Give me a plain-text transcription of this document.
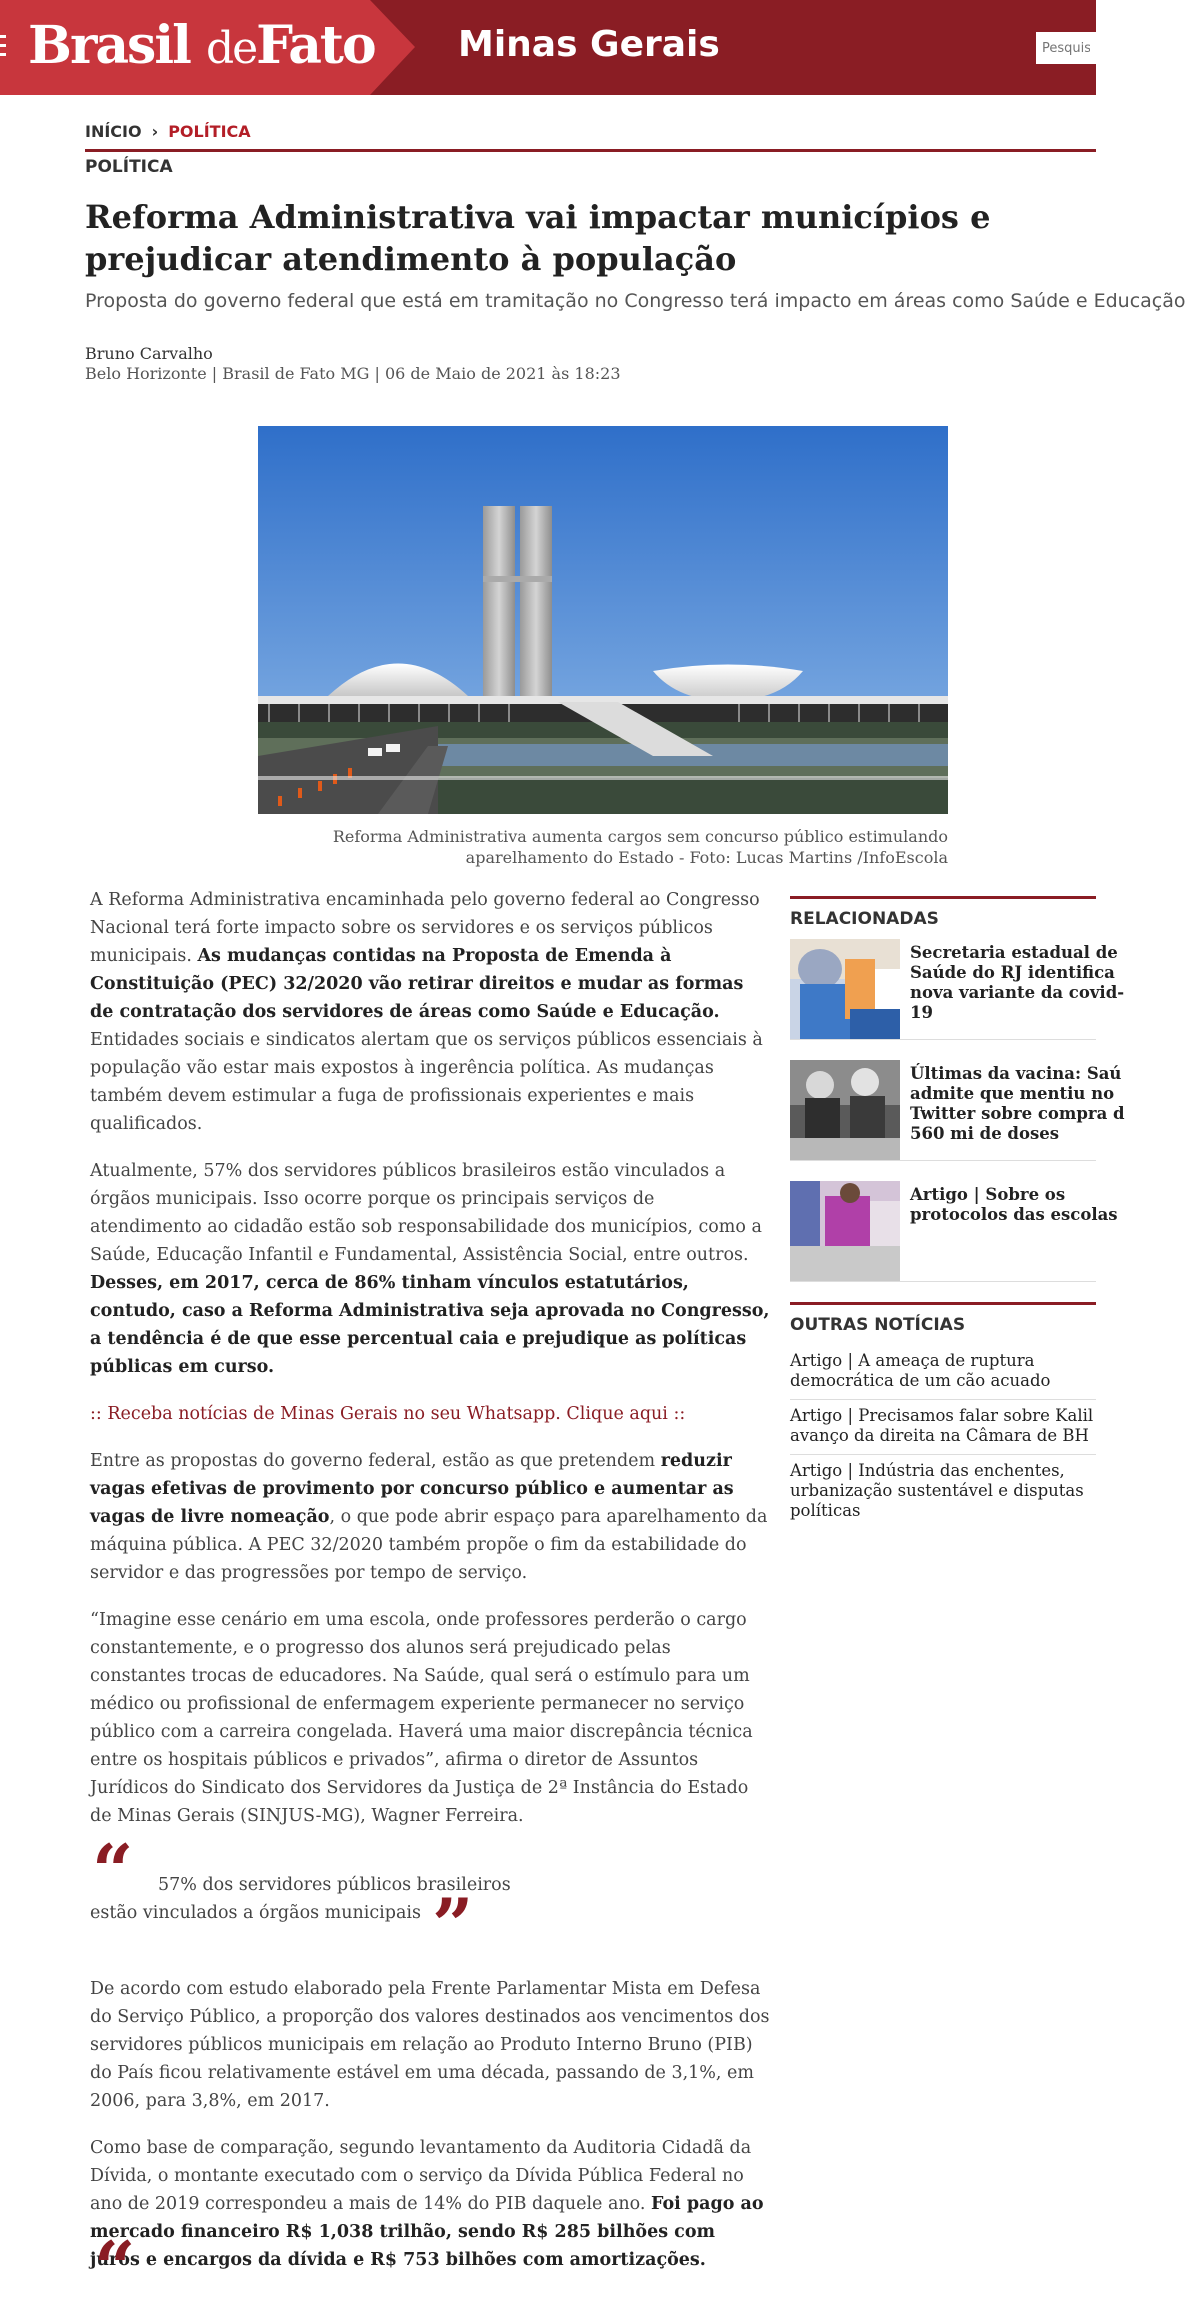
Brasil deFato Minas Gerais
Pesquisa
INÍCIO › POLÍTICA
POLÍTICA
Reforma Administrativa vai impactar municípios e prejudicar atendimento à população
Proposta do governo federal que está em tramitação no Congresso terá impacto em áreas como Saúde e Educação
Bruno Carvalho
Belo Horizonte | Brasil de Fato MG | 06 de Maio de 2021 às 18:23
Reforma Administrativa aumenta cargos sem concurso público estimulando aparelhamento do Estado - Foto: Lucas Martins /InfoEscola

A Reforma Administrativa encaminhada pelo governo federal ao Congresso Nacional terá forte impacto sobre os servidores e os serviços públicos municipais. As mudanças contidas na Proposta de Emenda à Constituição (PEC) 32/2020 vão retirar direitos e mudar as formas de contratação dos servidores de áreas como Saúde e Educação. Entidades sociais e sindicatos alertam que os serviços públicos essenciais à população vão estar mais expostos à ingerência política. As mudanças também devem estimular a fuga de profissionais experientes e mais qualificados.

Atualmente, 57% dos servidores públicos brasileiros estão vinculados a órgãos municipais. Isso ocorre porque os principais serviços de atendimento ao cidadão estão sob responsabilidade dos municípios, como a Saúde, Educação Infantil e Fundamental, Assistência Social, entre outros. Desses, em 2017, cerca de 86% tinham vínculos estatutários, contudo, caso a Reforma Administrativa seja aprovada no Congresso, a tendência é de que esse percentual caia e prejudique as políticas públicas em curso.

:: Receba notícias de Minas Gerais no seu Whatsapp. Clique aqui ::

Entre as propostas do governo federal, estão as que pretendem reduzir vagas efetivas de provimento por concurso público e aumentar as vagas de livre nomeação, o que pode abrir espaço para aparelhamento da máquina pública. A PEC 32/2020 também propõe o fim da estabilidade do servidor e das progressões por tempo de serviço.

“Imagine esse cenário em uma escola, onde professores perderão o cargo constantemente, e o progresso dos alunos será prejudicado pelas constantes trocas de educadores. Na Saúde, qual será o estímulo para um médico ou profissional de enfermagem experiente permanecer no serviço público com a carreira congelada. Haverá uma maior discrepância técnica entre os hospitais públicos e privados”, afirma o diretor de Assuntos Jurídicos do Sindicato dos Servidores da Justiça de 2ª Instância do Estado de Minas Gerais (SINJUS-MG), Wagner Ferreira.

“	57% dos servidores públicos brasileiros estão vinculados a órgãos municipais ”

De acordo com estudo elaborado pela Frente Parlamentar Mista em Defesa do Serviço Público, a proporção dos valores destinados aos vencimentos dos servidores públicos municipais em relação ao Produto Interno Bruno (PIB) do País ficou relativamente estável em uma década, passando de 3,1%, em 2006, para 3,8%, em 2017.

Como base de comparação, segundo levantamento da Auditoria Cidadã da Dívida, o montante executado com o serviço da Dívida Pública Federal no ano de 2019 correspondeu a mais de 14% do PIB daquele ano. Foi pago ao mercado financeiro R$ 1,038 trilhão, sendo R$ 285 bilhões com juros e encargos da dívida e R$ 753 bilhões com amortizações.

“
RELACIONADAS
Secretaria estadual de
Saúde do RJ identifica
nova variante da covid-
19
Últimas da vacina: Saú
admite que mentiu no
Twitter sobre compra d
560 mi de doses
Artigo | Sobre os
protocolos das escolas
OUTRAS NOTÍCIAS
Artigo | A ameaça de ruptura
democrática de um cão acuado
Artigo | Precisamos falar sobre Kalil
avanço da direita na Câmara de BH
Artigo | Indústria das enchentes,
urbanização sustentável e disputas
políticas
